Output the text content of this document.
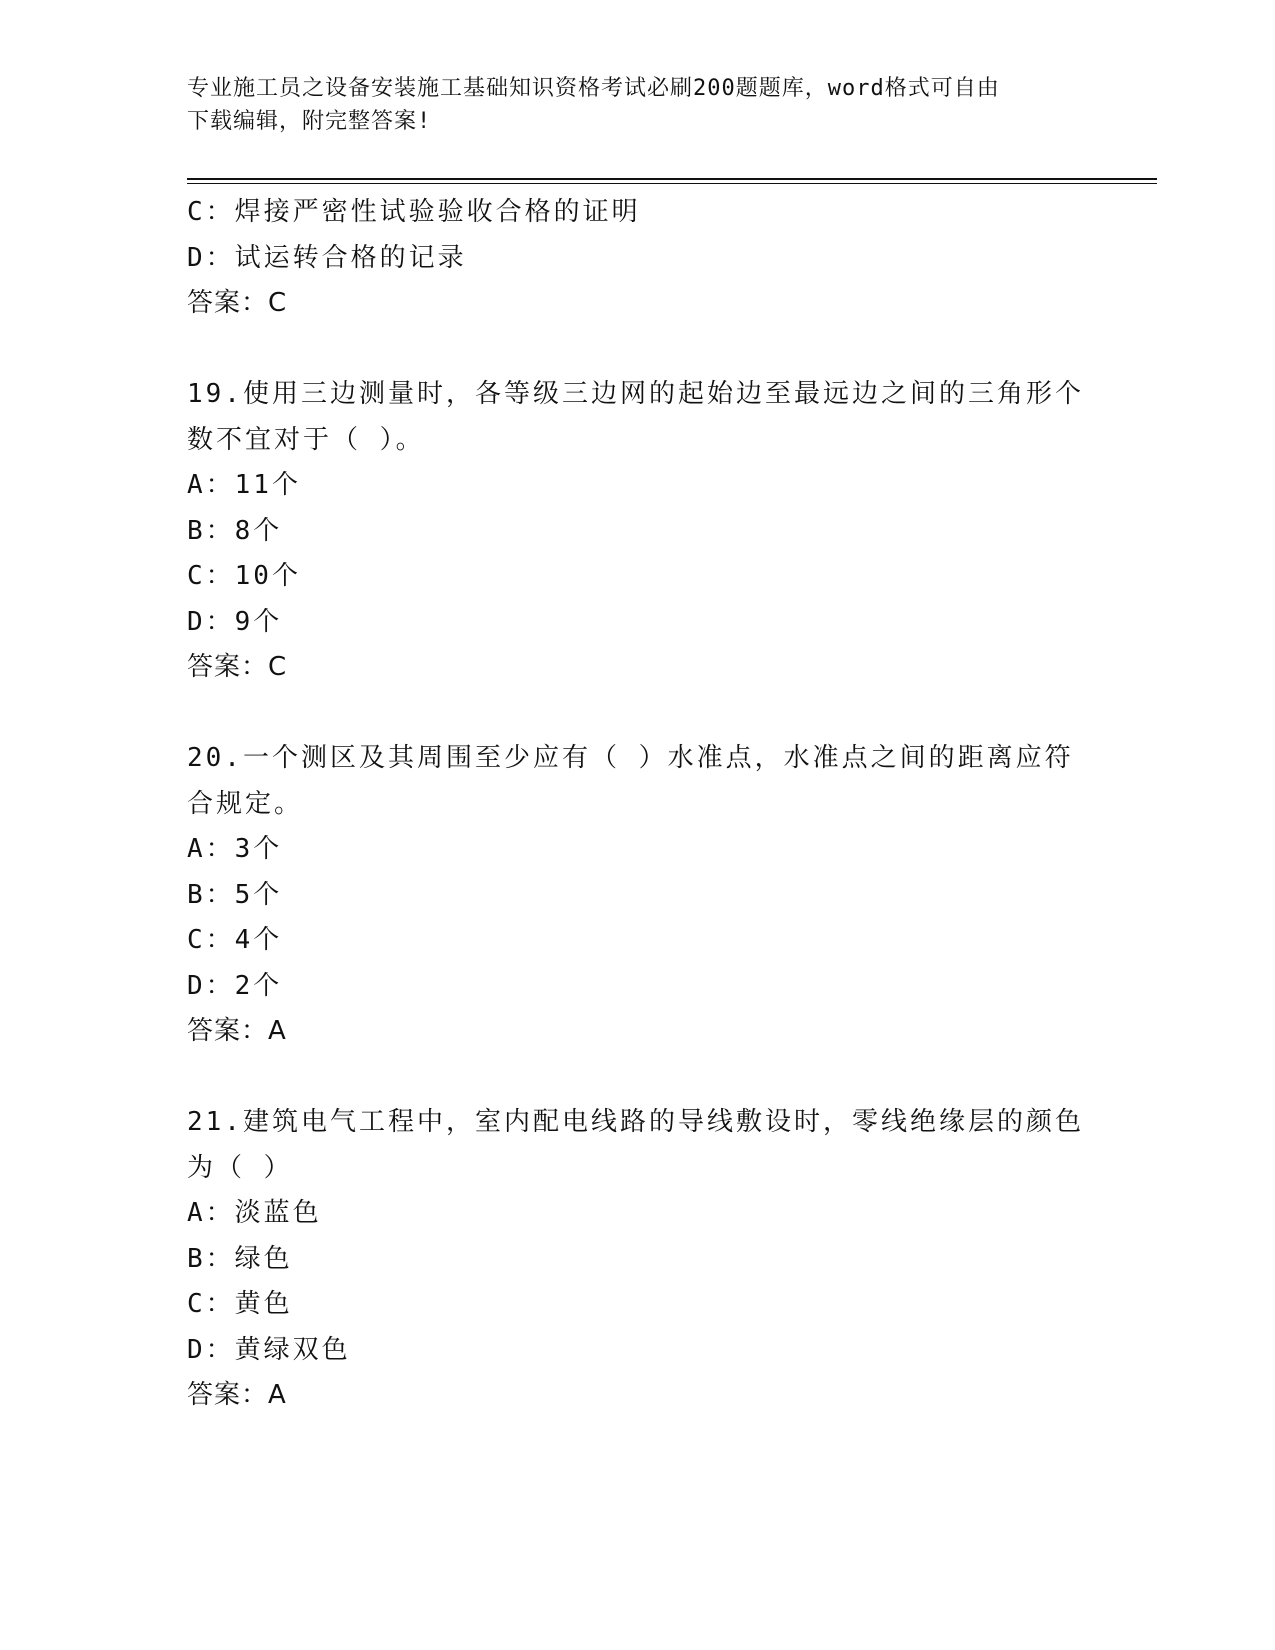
专业施工员之设备安装施工基础知识资格考试必刷200题题库，word格式可自由
下载编辑，附完整答案!
C：焊接严密性试验验收合格的证明
D：试运转合格的记录
答案：C
19.使用三边测量时，各等级三边网的起始边至最远边之间的三角形个
数不宜对于（ ）。
A：11个
B：8个
C：10个
D：9个
答案：C
20.一个测区及其周围至少应有（ ）水准点，水准点之间的距离应符
合规定。
A：3个
B：5个
C：4个
D：2个
答案：A
21.建筑电气工程中，室内配电线路的导线敷设时，零线绝缘层的颜色
为（ ）
A：淡蓝色
B：绿色
C：黄色
D：黄绿双色
答案：A
